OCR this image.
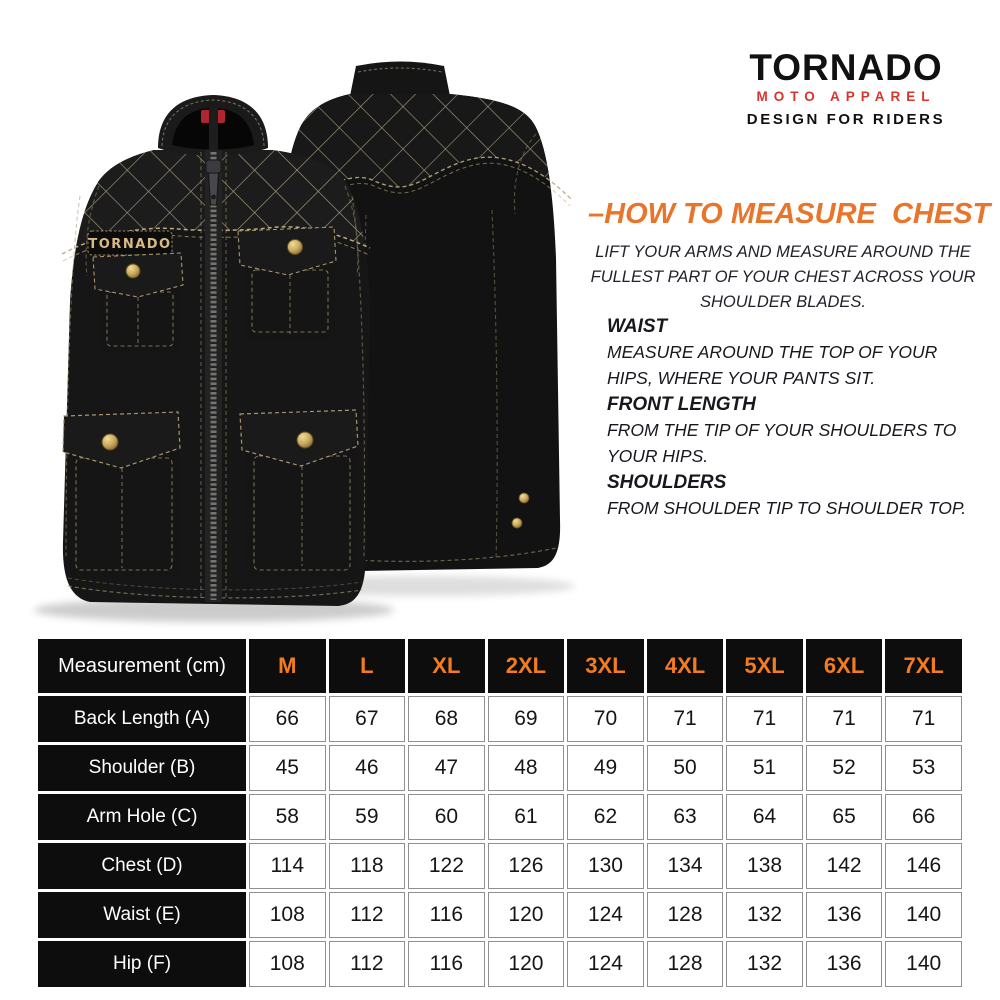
TORNADO
TORNADO
MOTO APPAREL
DESIGN FOR RIDERS
–HOW TO MEASURE  CHEST
LIFT YOUR ARMS AND MEASURE AROUND THE FULLEST PART OF YOUR CHEST ACROSS YOUR SHOULDER BLADES.
WAIST
MEASURE AROUND THE TOP OF YOUR HIPS, WHERE YOUR PANTS SIT.
FRONT LENGTH
FROM THE TIP OF YOUR SHOULDERS TO YOUR HIPS.
SHOULDERS
FROM SHOULDER TIP TO SHOULDER TOP.
Measurement (cm)	M	L	XL	2XL	3XL	4XL	5XL	6XL	7XL
Back Length (A)	66	67	68	69	70	71	71	71	71
Shoulder (B)	45	46	47	48	49	50	51	52	53
Arm Hole (C)	58	59	60	61	62	63	64	65	66
Chest (D)	114	118	122	126	130	134	138	142	146
Waist (E)	108	112	116	120	124	128	132	136	140
Hip (F)	108	112	116	120	124	128	132	136	140
